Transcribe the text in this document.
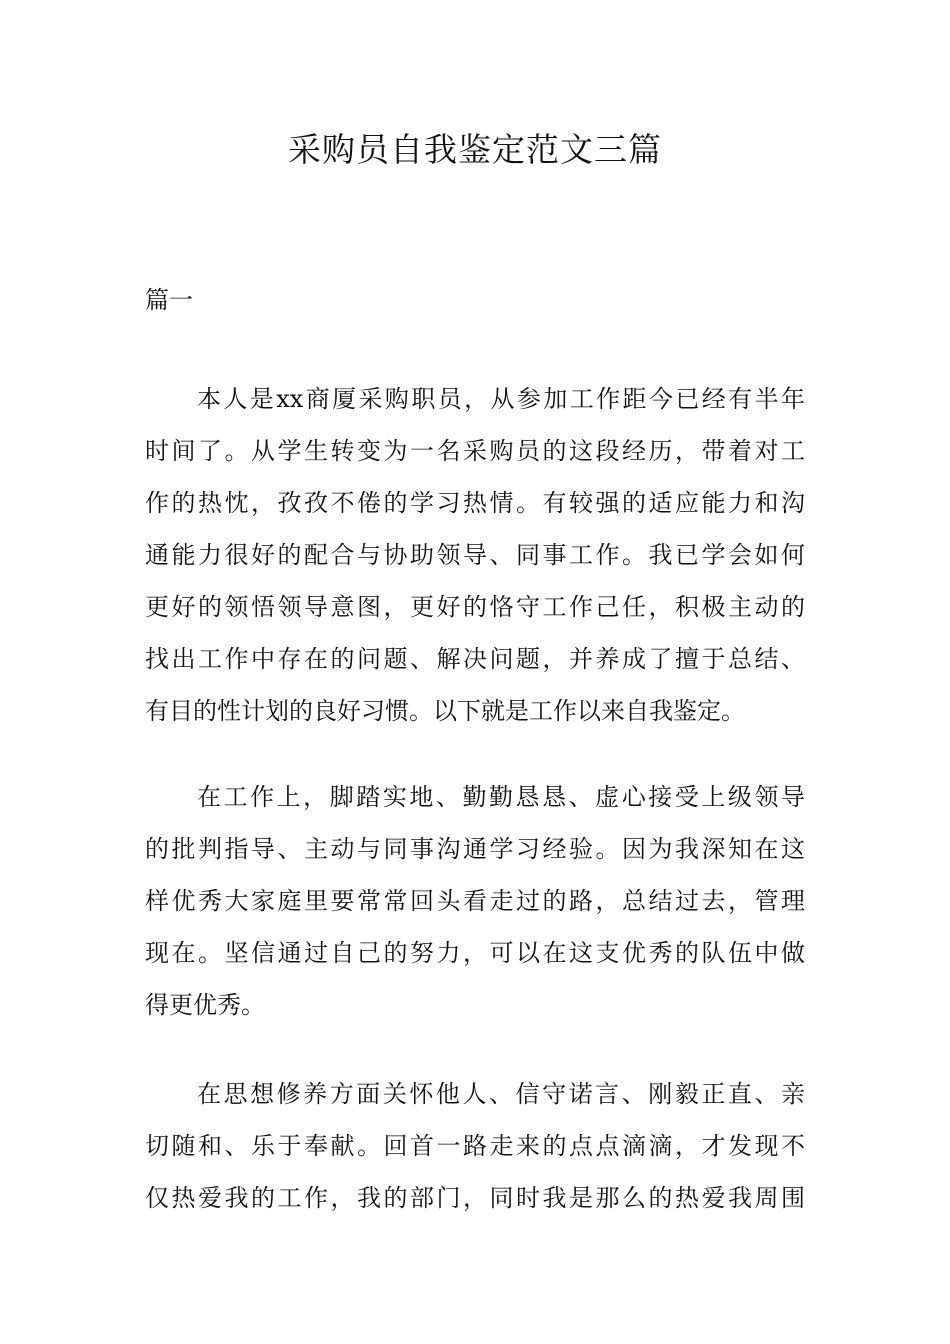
采购员自我鉴定范文三篇
篇一
本人是xx商厦采购职员，从参加工作距今已经有半年
时间了。从学生转变为一名采购员的这段经历，带着对工
作的热忱，孜孜不倦的学习热情。有较强的适应能力和沟
通能力很好的配合与协助领导、同事工作。我已学会如何
更好的领悟领导意图，更好的恪守工作己任，积极主动的
找出工作中存在的问题、解决问题，并养成了擅于总结、
有目的性计划的良好习惯。以下就是工作以来自我鉴定。
在工作上，脚踏实地、勤勤恳恳、虚心接受上级领导
的批判指导、主动与同事沟通学习经验。因为我深知在这
样优秀大家庭里要常常回头看走过的路，总结过去，管理
现在。坚信通过自己的努力，可以在这支优秀的队伍中做
得更优秀。
在思想修养方面关怀他人、信守诺言、刚毅正直、亲
切随和、乐于奉献。回首一路走来的点点滴滴，才发现不
仅热爱我的工作，我的部门，同时我是那么的热爱我周围
